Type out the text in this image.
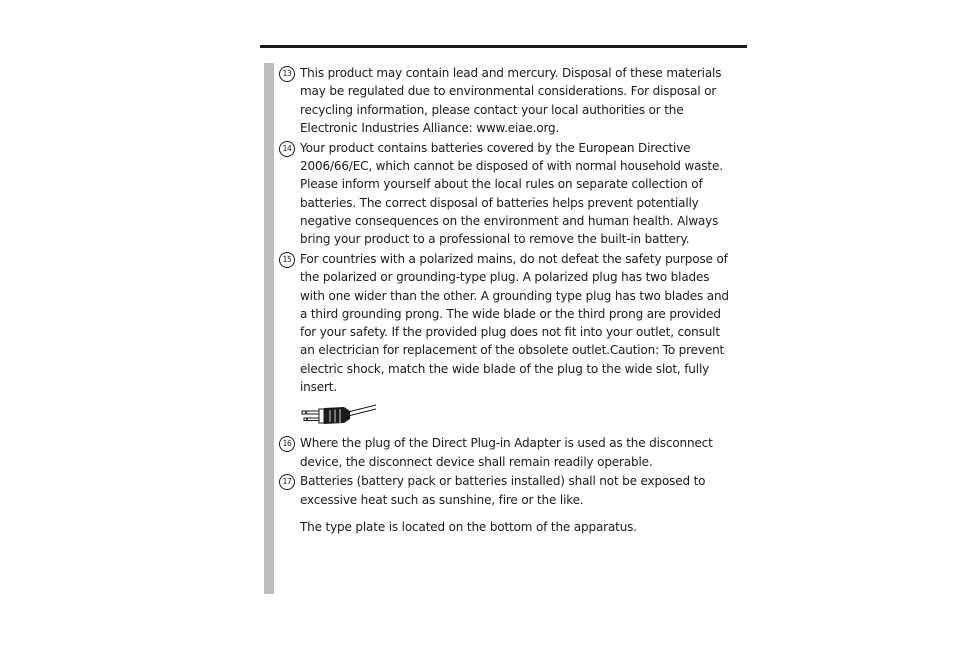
13 This product may contain lead and mercury. Disposal of these materials may be regulated due to environmental considerations. For disposal or recycling information, please contact your local authorities or the Electronic Industries Alliance: www.eiae.org.
14 Your product contains batteries covered by the European Directive 2006/66/EC, which cannot be disposed of with normal household waste. Please inform yourself about the local rules on separate collection of batteries. The correct disposal of batteries helps prevent potentially negative consequences on the environment and human health. Always bring your product to a professional to remove the built-in battery.
15 For countries with a polarized mains, do not defeat the safety purpose of the polarized or grounding-type plug. A polarized plug has two blades with one wider than the other. A grounding type plug has two blades and a third grounding prong. The wide blade or the third prong are provided for your safety. If the provided plug does not fit into your outlet, consult an electrician for replacement of the obsolete outlet.Caution: To prevent electric shock, match the wide blade of the plug to the wide slot, fully insert.
16 Where the plug of the Direct Plug-in Adapter is used as the disconnect device, the disconnect device shall remain readily operable.
17 Batteries (battery pack or batteries installed) shall not be exposed to excessive heat such as sunshine, fire or the like.
The type plate is located on the bottom of the apparatus.
